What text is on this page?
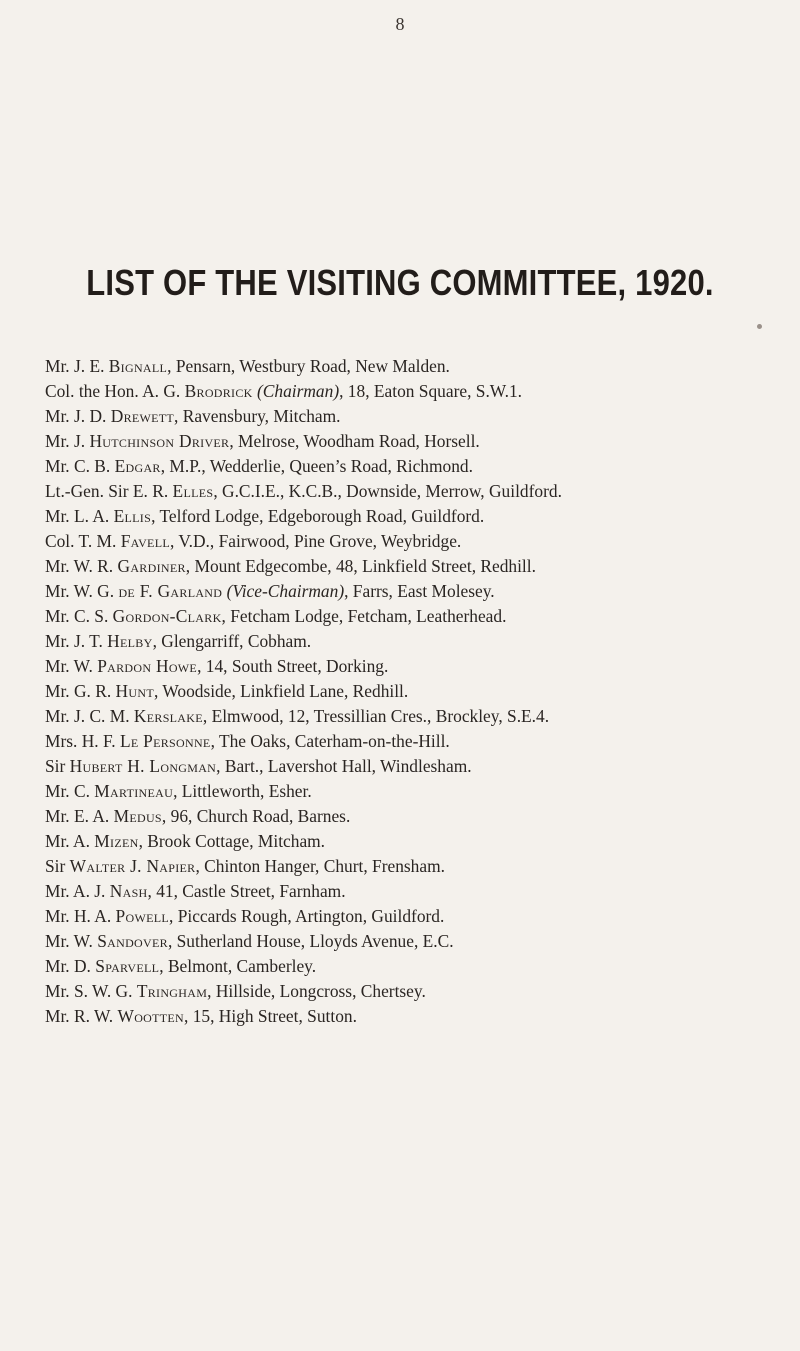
8
LIST OF THE VISITING COMMITTEE, 1920.
Mr. J. E. Bignall, Pensarn, Westbury Road, New Malden.
Col. the Hon. A. G. Brodrick (Chairman), 18, Eaton Square, S.W.1.
Mr. J. D. Drewett, Ravensbury, Mitcham.
Mr. J. Hutchinson Driver, Melrose, Woodham Road, Horsell.
Mr. C. B. Edgar, M.P., Wedderlie, Queen’s Road, Richmond.
Lt.-Gen. Sir E. R. Elles, G.C.I.E., K.C.B., Downside, Merrow, Guildford.
Mr. L. A. Ellis, Telford Lodge, Edgeborough Road, Guildford.
Col. T. M. Favell, V.D., Fairwood, Pine Grove, Weybridge.
Mr. W. R. Gardiner, Mount Edgecombe, 48, Linkfield Street, Redhill.
Mr. W. G. de F. Garland (Vice-Chairman), Farrs, East Molesey.
Mr. C. S. Gordon-Clark, Fetcham Lodge, Fetcham, Leatherhead.
Mr. J. T. Helby, Glengarriff, Cobham.
Mr. W. Pardon Howe, 14, South Street, Dorking.
Mr. G. R. Hunt, Woodside, Linkfield Lane, Redhill.
Mr. J. C. M. Kerslake, Elmwood, 12, Tressillian Cres., Brockley, S.E.4.
Mrs. H. F. Le Personne, The Oaks, Caterham-on-the-Hill.
Sir Hubert H. Longman, Bart., Lavershot Hall, Windlesham.
Mr. C. Martineau, Littleworth, Esher.
Mr. E. A. Medus, 96, Church Road, Barnes.
Mr. A. Mizen, Brook Cottage, Mitcham.
Sir Walter J. Napier, Chinton Hanger, Churt, Frensham.
Mr. A. J. Nash, 41, Castle Street, Farnham.
Mr. H. A. Powell, Piccards Rough, Artington, Guildford.
Mr. W. Sandover, Sutherland House, Lloyds Avenue, E.C.
Mr. D. Sparvell, Belmont, Camberley.
Mr. S. W. G. Tringham, Hillside, Longcross, Chertsey.
Mr. R. W. Wootten, 15, High Street, Sutton.
